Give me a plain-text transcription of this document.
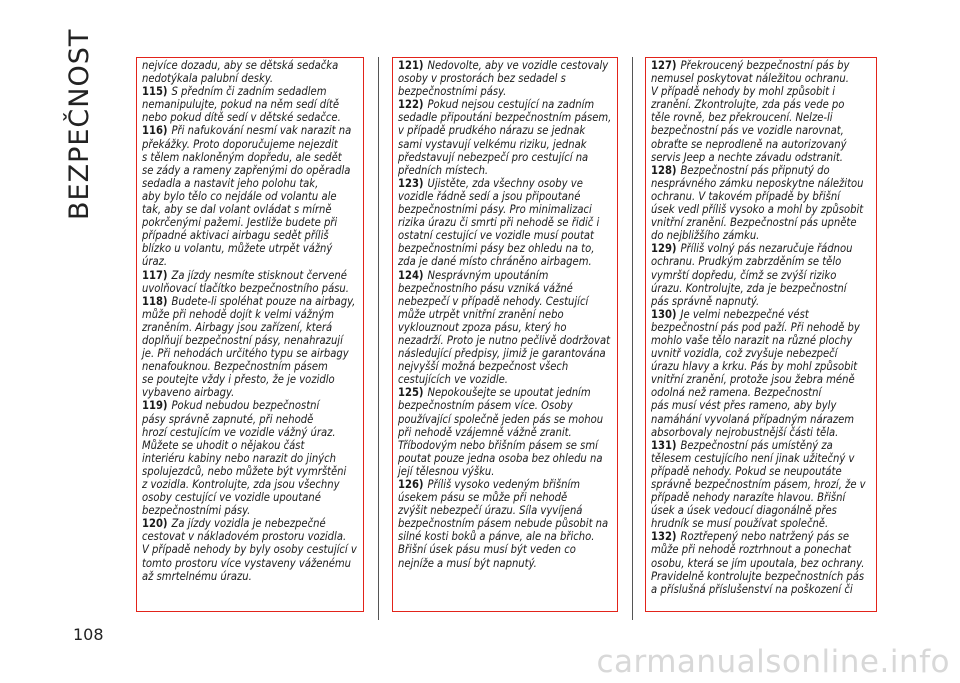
BEZPEČNOST	nejvíce dozadu, aby se dětská sedačka
nedotýkala palubní desky.

115) S předním či zadním sedadlem
nemanipulujte, pokud na něm sedí dítě
nebo pokud dítě sedí v dětské sedačce.

116) Při nafukování nesmí vak narazit na
překážky. Proto doporučujeme nejezdit
s tělem nakloněným dopředu, ale sedět
se zády a rameny zapřenými do opěradla
sedadla a nastavit jeho polohu tak,
aby bylo tělo co nejdále od volantu ale
tak, aby se dal volant ovládat s mírně
pokrčenými pažemi. Jestliže budete při
případné aktivaci airbagu sedět příliš
blízko u volantu, můžete utrpět vážný
úraz.

117) Za jízdy nesmíte stisknout červené
uvolňovací tlačítko bezpečnostního pásu.

118) Budete-li spoléhat pouze na airbagy,
může při nehodě dojít k velmi vážným
zraněním. Airbagy jsou zařízení, která
doplňují bezpečnostní pásy, nenahrazují
je. Při nehodách určitého typu se airbagy
nenafouknou. Bezpečnostním pásem
se poutejte vždy i přesto, že je vozidlo
vybaveno airbagy.

119) Pokud nebudou bezpečnostní
pásy správně zapnuté, při nehodě
hrozí cestujícím ve vozidle vážný úraz.
Můžete se uhodit o nějakou část
interiéru kabiny nebo narazit do jiných
spolujezdců, nebo můžete být vymrštěni
z vozidla. Kontrolujte, zda jsou všechny
osoby cestující ve vozidle upoutané
bezpečnostními pásy.

120) Za jízdy vozidla je nebezpečné
cestovat v nákladovém prostoru vozidla.
V případě nehody by byly osoby cestující v
tomto prostoru více vystaveny váženému
až smrtelnému úrazu.

121) Nedovolte, aby ve vozidle cestovaly
osoby v prostorách bez sedadel s
bezpečnostními pásy.

122) Pokud nejsou cestující na zadním
sedadle připoutáni bezpečnostním pásem,
v případě prudkého nárazu se jednak
sami vystavují velkému riziku, jednak
představují nebezpečí pro cestující na
předních místech.

123) Ujistěte, zda všechny osoby ve
vozidle řádně sedí a jsou připoutané
bezpečnostními pásy. Pro minimalizaci
rizika úrazu či smrti při nehodě se řidič i
ostatní cestující ve vozidle musí poutat
bezpečnostními pásy bez ohledu na to,
zda je dané místo chráněno airbagem.

124) Nesprávným upoutáním
bezpečnostního pásu vzniká vážné
nebezpečí v případě nehody. Cestující
může utrpět vnitřní zranění nebo
vyklouznout zpoza pásu, který ho
nezadrží. Proto je nutno pečlivě dodržovat
následující předpisy, jimiž je garantována
nejvyšší možná bezpečnost všech
cestujících ve vozidle.

125) Nepokoušejte se upoutat jedním
bezpečnostním pásem více. Osoby
používající společně jeden pás se mohou
při nehodě vzájemně vážně zranit.
Tříbodovým nebo břišním pásem se smí
poutat pouze jedna osoba bez ohledu na
její tělesnou výšku.

126) Příliš vysoko vedeným břišním
úsekem pásu se může při nehodě
zvýšit nebezpečí úrazu. Síla vyvíjená
bezpečnostním pásem nebude působit na
silné kosti boků a pánve, ale na břicho.
Břišní úsek pásu musí být veden co
nejníže a musí být napnutý.

127) Překroucený bezpečnostní pás by
nemusel poskytovat náležitou ochranu.
V případě nehody by mohl způsobit i
zranění. Zkontrolujte, zda pás vede po
těle rovně, bez překroucení. Nelze-li
bezpečnostní pás ve vozidle narovnat,
obraťte se neprodleně na autorizovaný
servis Jeep a nechte závadu odstranit.

128) Bezpečnostní pás připnutý do
nesprávného zámku neposkytne náležitou
ochranu. V takovém případě by břišní
úsek vedl příliš vysoko a mohl by způsobit
vnitřní zranění. Bezpečnostní pás upněte
do nejbližšího zámku.

129) Příliš volný pás nezaručuje řádnou
ochranu. Prudkým zabrzděním se tělo
vymrští dopředu, čímž se zvýší riziko
úrazu. Kontrolujte, zda je bezpečnostní
pás správně napnutý.

130) Je velmi nebezpečné vést
bezpečnostní pás pod paží. Při nehodě by
mohlo vaše tělo narazit na různé plochy
uvnitř vozidla, což zvyšuje nebezpečí
úrazu hlavy a krku. Pás by mohl způsobit
vnitřní zranění, protože jsou žebra méně
odolná než ramena. Bezpečnostní
pás musí vést přes rameno, aby byly
namáhání vyvolaná případným nárazem
absorbovaly nejrobustnější části těla.

131) Bezpečnostní pás umístěný za
tělesem cestujícího není jinak užitečný v
případě nehody. Pokud se neupoutáte
správně bezpečnostním pásem, hrozí, že v
případě nehody narazíte hlavou. Břišní
úsek a úsek vedoucí diagonálně přes
hrudník se musí používat společně.

132) Roztřepený nebo natržený pás se
může při nehodě roztrhnout a ponechat
osobu, která se jím upoutala, bez ochrany.
Pravidelně kontrolujte bezpečnostních pás
a příslušná příslušenství na poškození či

108
carmanualsonline.info
